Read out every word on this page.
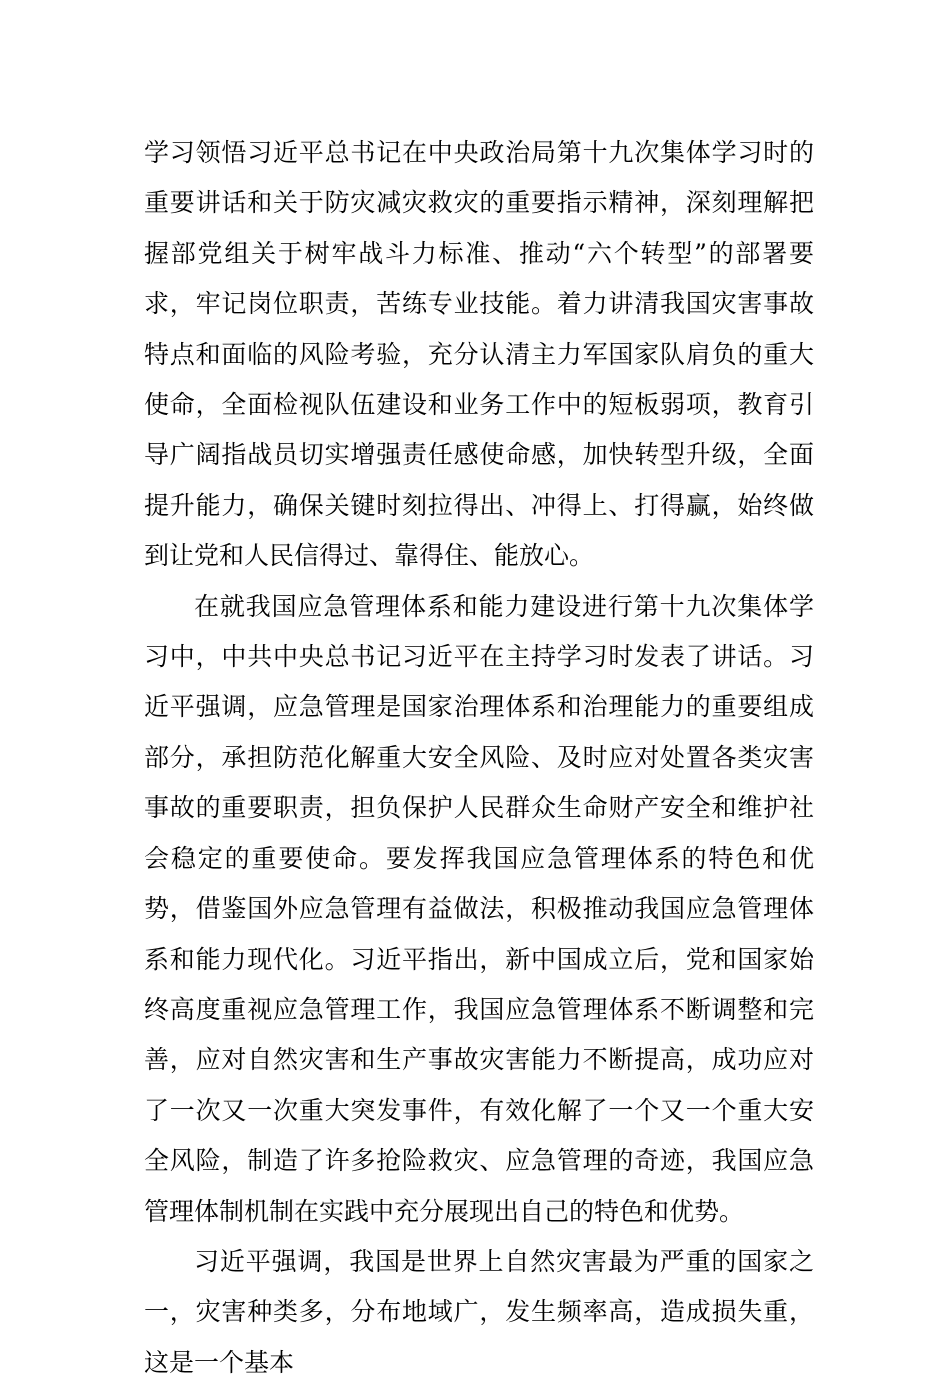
学习领悟习近平总书记在中央政治局第十九次集体学习时的重要讲话和关于防灾减灾救灾的重要指示精神，深刻理解把握部党组关于树牢战斗力标准、推动“六个转型”的部署要求，牢记岗位职责，苦练专业技能。着力讲清我国灾害事故特点和面临的风险考验，充分认清主力军国家队肩负的重大使命，全面检视队伍建设和业务工作中的短板弱项，教育引导广阔指战员切实增强责任感使命感，加快转型升级，全面提升能力，确保关键时刻拉得出、冲得上、打得赢，始终做到让党和人民信得过、靠得住、能放心。

在就我国应急管理体系和能力建设进行第十九次集体学习中，中共中央总书记习近平在主持学习时发表了讲话。习近平强调，应急管理是国家治理体系和治理能力的重要组成部分，承担防范化解重大安全风险、及时应对处置各类灾害事故的重要职责，担负保护人民群众生命财产安全和维护社会稳定的重要使命。要发挥我国应急管理体系的特色和优势，借鉴国外应急管理有益做法，积极推动我国应急管理体系和能力现代化。习近平指出，新中国成立后，党和国家始终高度重视应急管理工作，我国应急管理体系不断调整和完善，应对自然灾害和生产事故灾害能力不断提高，成功应对了一次又一次重大突发事件，有效化解了一个又一个重大安全风险，制造了许多抢险救灾、应急管理的奇迹，我国应急管理体制机制在实践中充分展现出自己的特色和优势。

习近平强调，我国是世界上自然灾害最为严重的国家之一，灾害种类多，分布地域广，发生频率高，造成损失重，这是一个基本
